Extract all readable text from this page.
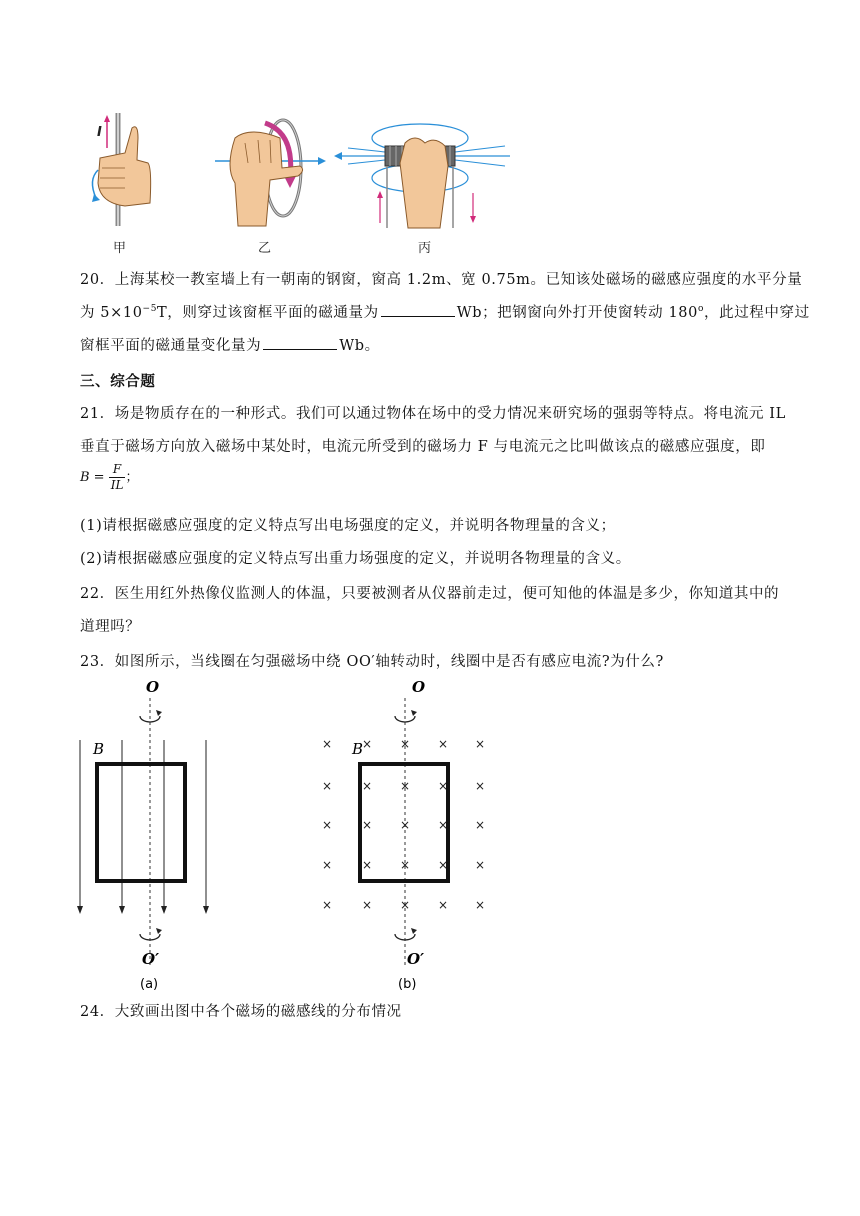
I
甲	乙	丙
20．上海某校一教室墙上有一朝南的钢窗，窗高 1.2m、宽 0.75m。已知该处磁场的磁感应强度的水平分量
为 $5\times 10^{-5}T$，则穿过该窗框平面的磁通量为	Wb；把钢窗向外打开使窗转动 180$^o$，此过程中穿过
窗框平面的磁通量变化量为	Wb。
三、综合题
21．场是物质存在的一种形式。我们可以通过物体在场中的受力情况来研究场的强弱等特点。将电流元 IL
垂直于磁场方向放入磁场中某处时，电流元所受到的磁场力 F 与电流元之比叫做该点的磁感应强度，即
$B = \frac{F}{IL}$ ；
(1)请根据磁感应强度的定义特点写出电场强度的定义，并说明各物理量的含义；
(2)请根据磁感应强度的定义特点写出重力场强度的定义，并说明各物理量的含义。
22．医生用红外热像仪监测人的体温，只要被测者从仪器前走过，便可知他的体温是多少，你知道其中的
道理吗？
23．如图所示，当线圈在匀强磁场中绕 OO′轴转动时，线圈中是否有感应电流?为什么?
O
B
O′
(a)
O
B
× × × × ×
× × × × ×
× × × × ×
× × × × ×
× × × × ×
O′
(b)
24．大致画出图中各个磁场的磁感线的分布情况
